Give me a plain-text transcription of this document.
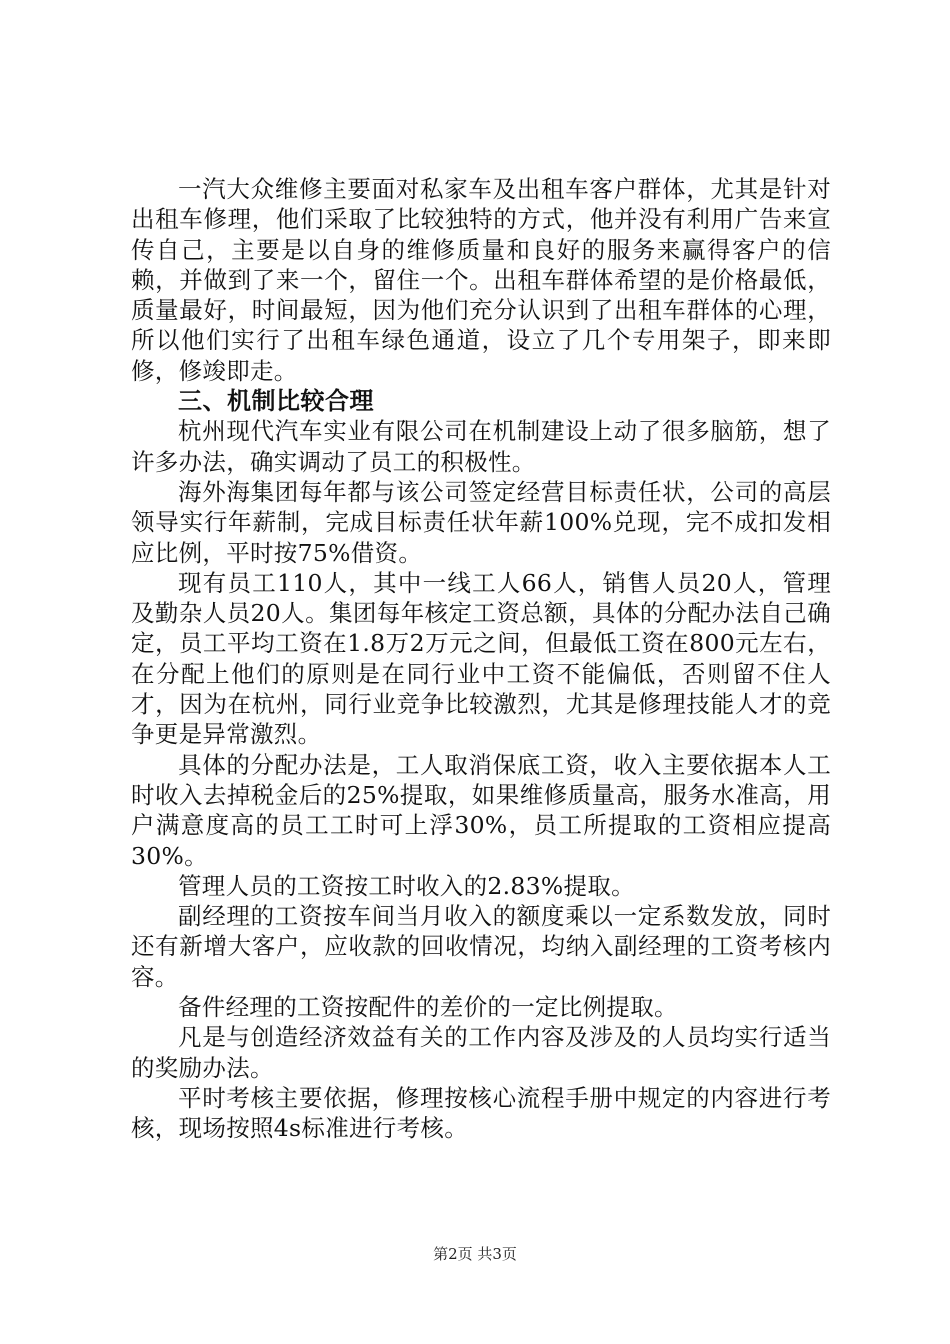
一汽大众维修主要面对私家车及出租车客户群体，尤其是针对出租车修理，他们采取了比较独特的方式，他并没有利用广告来宣传自己，主要是以自身的维修质量和良好的服务来赢得客户的信赖，并做到了来一个，留住一个。出租车群体希望的是价格最低，质量最好，时间最短，因为他们充分认识到了出租车群体的心理，所以他们实行了出租车绿色通道，设立了几个专用架子，即来即修，修竣即走。

三、机制比较合理

杭州现代汽车实业有限公司在机制建设上动了很多脑筋，想了许多办法，确实调动了员工的积极性。

海外海集团每年都与该公司签定经营目标责任状，公司的高层领导实行年薪制，完成目标责任状年薪100%兑现，完不成扣发相应比例，平时按75%借资。

现有员工110人，其中一线工人66人，销售人员20人，管理及勤杂人员20人。集团每年核定工资总额，具体的分配办法自己确定，员工平均工资在1.8万2万元之间，但最低工资在800元左右，在分配上他们的原则是在同行业中工资不能偏低，否则留不住人才，因为在杭州，同行业竞争比较激烈，尤其是修理技能人才的竞争更是异常激烈。

具体的分配办法是，工人取消保底工资，收入主要依据本人工时收入去掉税金后的25%提取，如果维修质量高，服务水准高，用户满意度高的员工工时可上浮30%，员工所提取的工资相应提高30%。

管理人员的工资按工时收入的2.83%提取。

副经理的工资按车间当月收入的额度乘以一定系数发放，同时还有新增大客户，应收款的回收情况，均纳入副经理的工资考核内容。

备件经理的工资按配件的差价的一定比例提取。

凡是与创造经济效益有关的工作内容及涉及的人员均实行适当的奖励办法。

平时考核主要依据，修理按核心流程手册中规定的内容进行考核，现场按照4s标准进行考核。

第2页 共3页
